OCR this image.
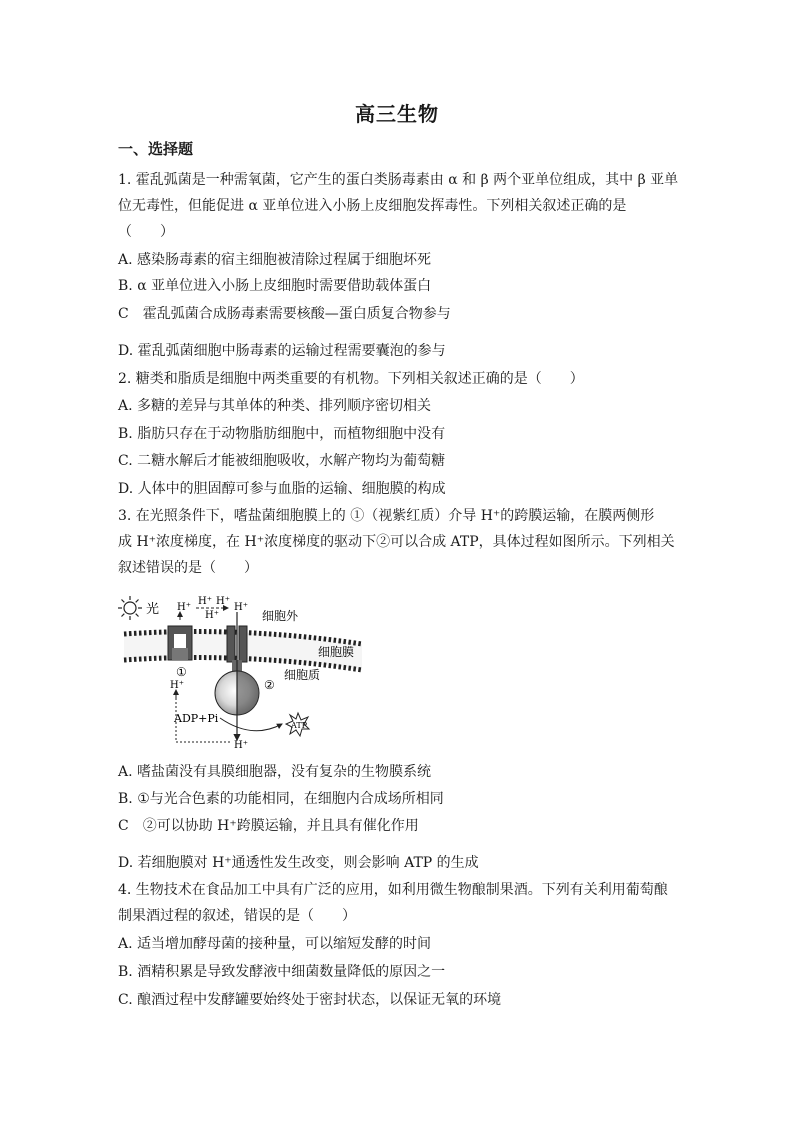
高三生物
一、选择题
1. 霍乱弧菌是一种需氧菌，它产生的蛋白类肠毒素由 α 和 β 两个亚单位组成，其中 β 亚单
位无毒性，但能促进 α 亚单位进入小肠上皮细胞发挥毒性。下列相关叙述正确的是
（　　）
A. 感染肠毒素的宿主细胞被清除过程属于细胞坏死
B. α 亚单位进入小肠上皮细胞时需要借助载体蛋白
C　霍乱弧菌合成肠毒素需要核酸—蛋白质复合物参与
D. 霍乱弧菌细胞中肠毒素的运输过程需要囊泡的参与
2. 糖类和脂质是细胞中两类重要的有机物。下列相关叙述正确的是（　　）
A. 多糖的差异与其单体的种类、排列顺序密切相关
B. 脂肪只存在于动物脂肪细胞中，而植物细胞中没有
C. 二糖水解后才能被细胞吸收，水解产物均为葡萄糖
D. 人体中的胆固醇可参与血脂的运输、细胞膜的构成
3. 在光照条件下，嗜盐菌细胞膜上的 ①（视紫红质）介导 H⁺的跨膜运输，在膜两侧形
成 H⁺浓度梯度，在 H⁺浓度梯度的驱动下②可以合成 ATP，具体过程如图所示。下列相关
叙述错误的是（　　）
光
①
②
H⁺
H⁺ H⁺
H⁺
H⁺
细胞外
细胞膜
细胞质
H⁺
H⁺
ADP+Pi
ATP
A. 嗜盐菌没有具膜细胞器，没有复杂的生物膜系统
B. ①与光合色素的功能相同，在细胞内合成场所相同
C　②可以协助 H⁺跨膜运输，并且具有催化作用
D. 若细胞膜对 H⁺通透性发生改变，则会影响 ATP 的生成
4. 生物技术在食品加工中具有广泛的应用，如利用微生物酿制果酒。下列有关利用葡萄酿
制果酒过程的叙述，错误的是（　　）
A. 适当增加酵母菌的接种量，可以缩短发酵的时间
B. 酒精积累是导致发酵液中细菌数量降低的原因之一
C. 酿酒过程中发酵罐要始终处于密封状态，以保证无氧的环境
